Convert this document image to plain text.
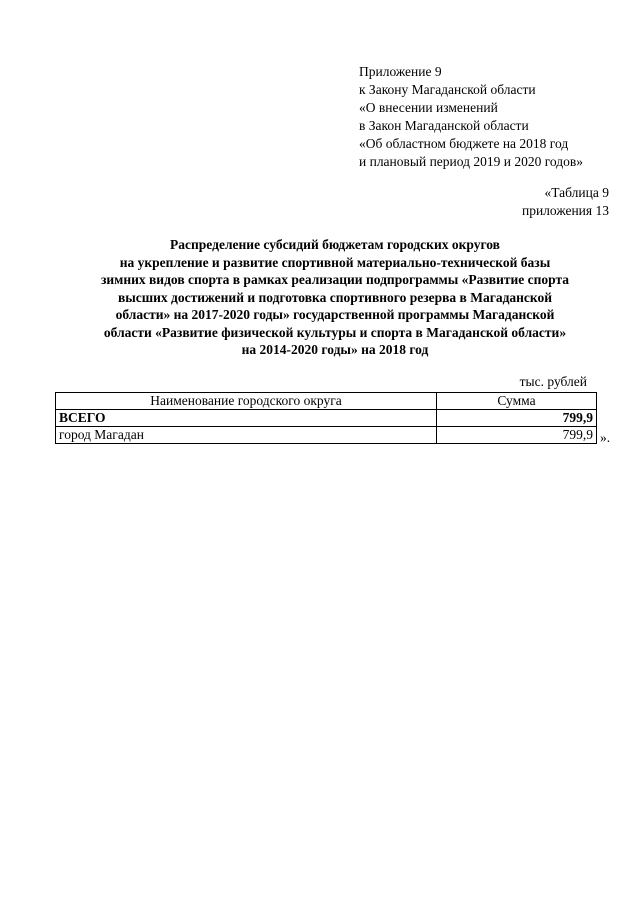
Приложение 9
к Закону Магаданской области
«О внесении изменений
в Закон Магаданской области
«Об областном бюджете на 2018 год
и плановый период 2019 и 2020 годов»
«Таблица 9
приложения 13
Распределение субсидий бюджетам городских округов
на укрепление и развитие спортивной материально-технической базы
зимних видов спорта в рамках реализации подпрограммы «Развитие спорта
высших достижений и подготовка спортивного резерва в Магаданской
области» на 2017-2020 годы» государственной программы Магаданской
области «Развитие физической культуры и спорта в Магаданской области»
на 2014-2020 годы» на 2018 год
тыс. рублей
Наименование городского округа	Сумма
ВСЕГО	799,9
город Магадан	799,9 ».
